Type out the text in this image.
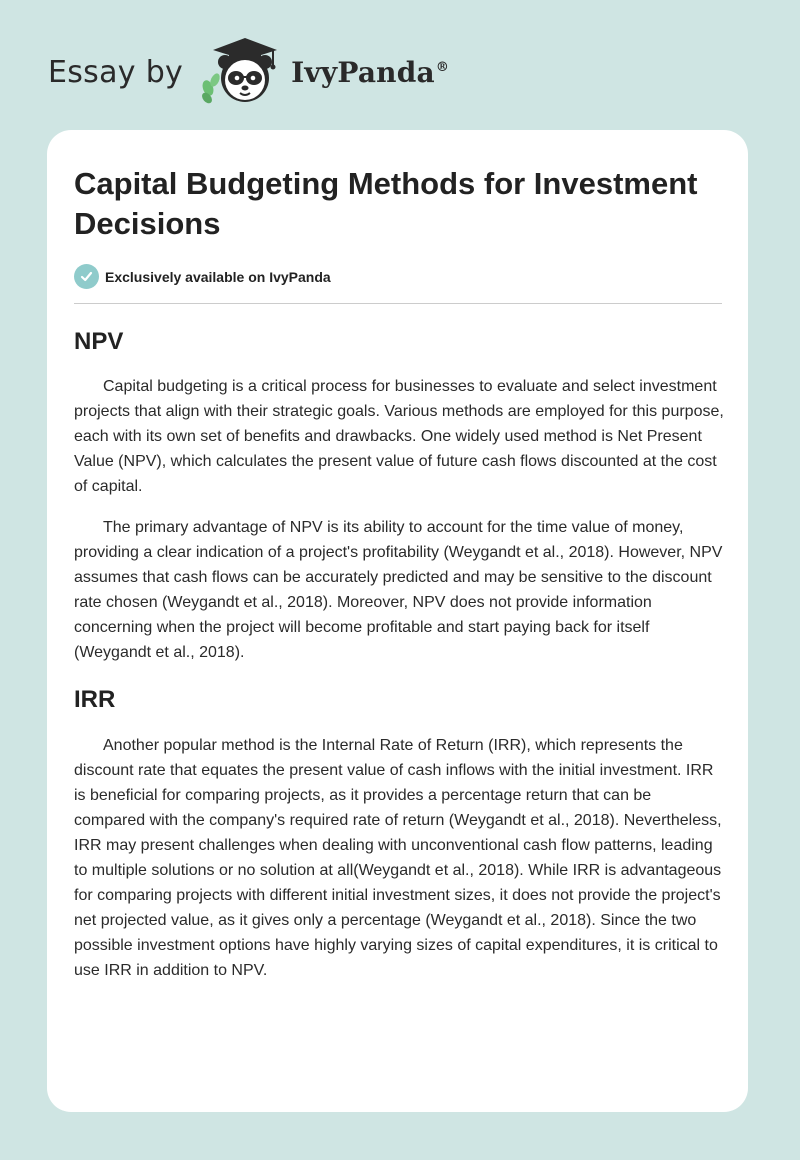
Essay by	IvyPanda®
Capital Budgeting Methods for Investment Decisions
Exclusively available on IvyPanda
NPV

Capital budgeting is a critical process for businesses to evaluate and select investment projects that align with their strategic goals. Various methods are employed for this purpose, each with its own set of benefits and drawbacks. One widely used method is Net Present Value (NPV), which calculates the present value of future cash flows discounted at the cost of capital.

The primary advantage of NPV is its ability to account for the time value of money, providing a clear indication of a project's profitability (Weygandt et al., 2018). However, NPV assumes that cash flows can be accurately predicted and may be sensitive to the discount rate chosen (Weygandt et al., 2018). Moreover, NPV does not provide information concerning when the project will become profitable and start paying back for itself (Weygandt et al., 2018).

IRR

Another popular method is the Internal Rate of Return (IRR), which represents the discount rate that equates the present value of cash inflows with the initial investment. IRR is beneficial for comparing projects, as it provides a percentage return that can be compared with the company's required rate of return (Weygandt et al., 2018). Nevertheless, IRR may present challenges when dealing with unconventional cash flow patterns, leading to multiple solutions or no solution at all(Weygandt et al., 2018). While IRR is advantageous for comparing projects with different initial investment sizes, it does not provide the project's net projected value, as it gives only a percentage (Weygandt et al., 2018). Since the two possible investment options have highly varying sizes of capital expenditures, it is critical to use IRR in addition to NPV.
